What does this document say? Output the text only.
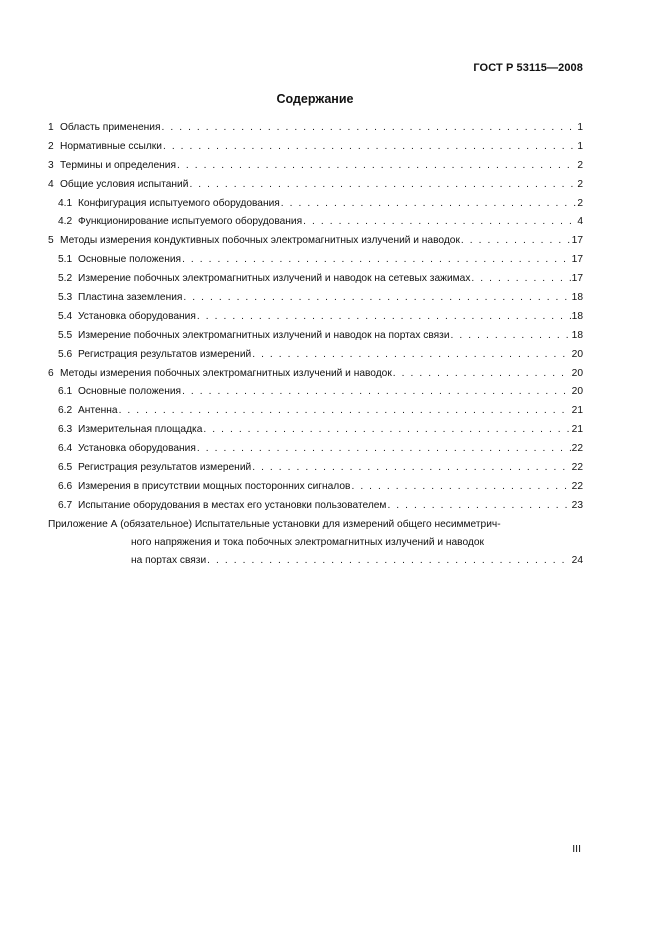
ГОСТ Р 53115—2008
Содержание
1 Область применения . . .	1
2 Нормативные ссылки . . .	1
3 Термины и определения . . .	2
4 Общие условия испытаний . . .	2
4.1 Конфигурация испытуемого оборудования . . .	2
4.2 Функционирование испытуемого оборудования . . .	4
5 Методы измерения кондуктивных побочных электромагнитных излучений и наводок . . .	17
5.1 Основные положения . . .	17
5.2 Измерение побочных электромагнитных излучений и наводок на сетевых зажимах . . .	17
5.3 Пластина заземления . . .	18
5.4 Установка оборудования . . .	18
5.5 Измерение побочных электромагнитных излучений и наводок на портах связи . . .	18
5.6 Регистрация результатов измерений . . .	20
6 Методы измерения побочных электромагнитных излучений и наводок . . .	20
6.1 Основные положения . . .	20
6.2 Антенна . . .	21
6.3 Измерительная площадка . . .	21
6.4 Установка оборудования . . .	22
6.5 Регистрация результатов измерений . . .	22
6.6 Измерения в присутствии мощных посторонних сигналов . . .	22
6.7 Испытание оборудования в местах его установки пользователем . . .	23
Приложение А (обязательное) Испытательные установки для измерений общего несимметрич-
ного напряжения и тока побочных электромагнитных излучений и наводок
на портах связи . . .	24
III
